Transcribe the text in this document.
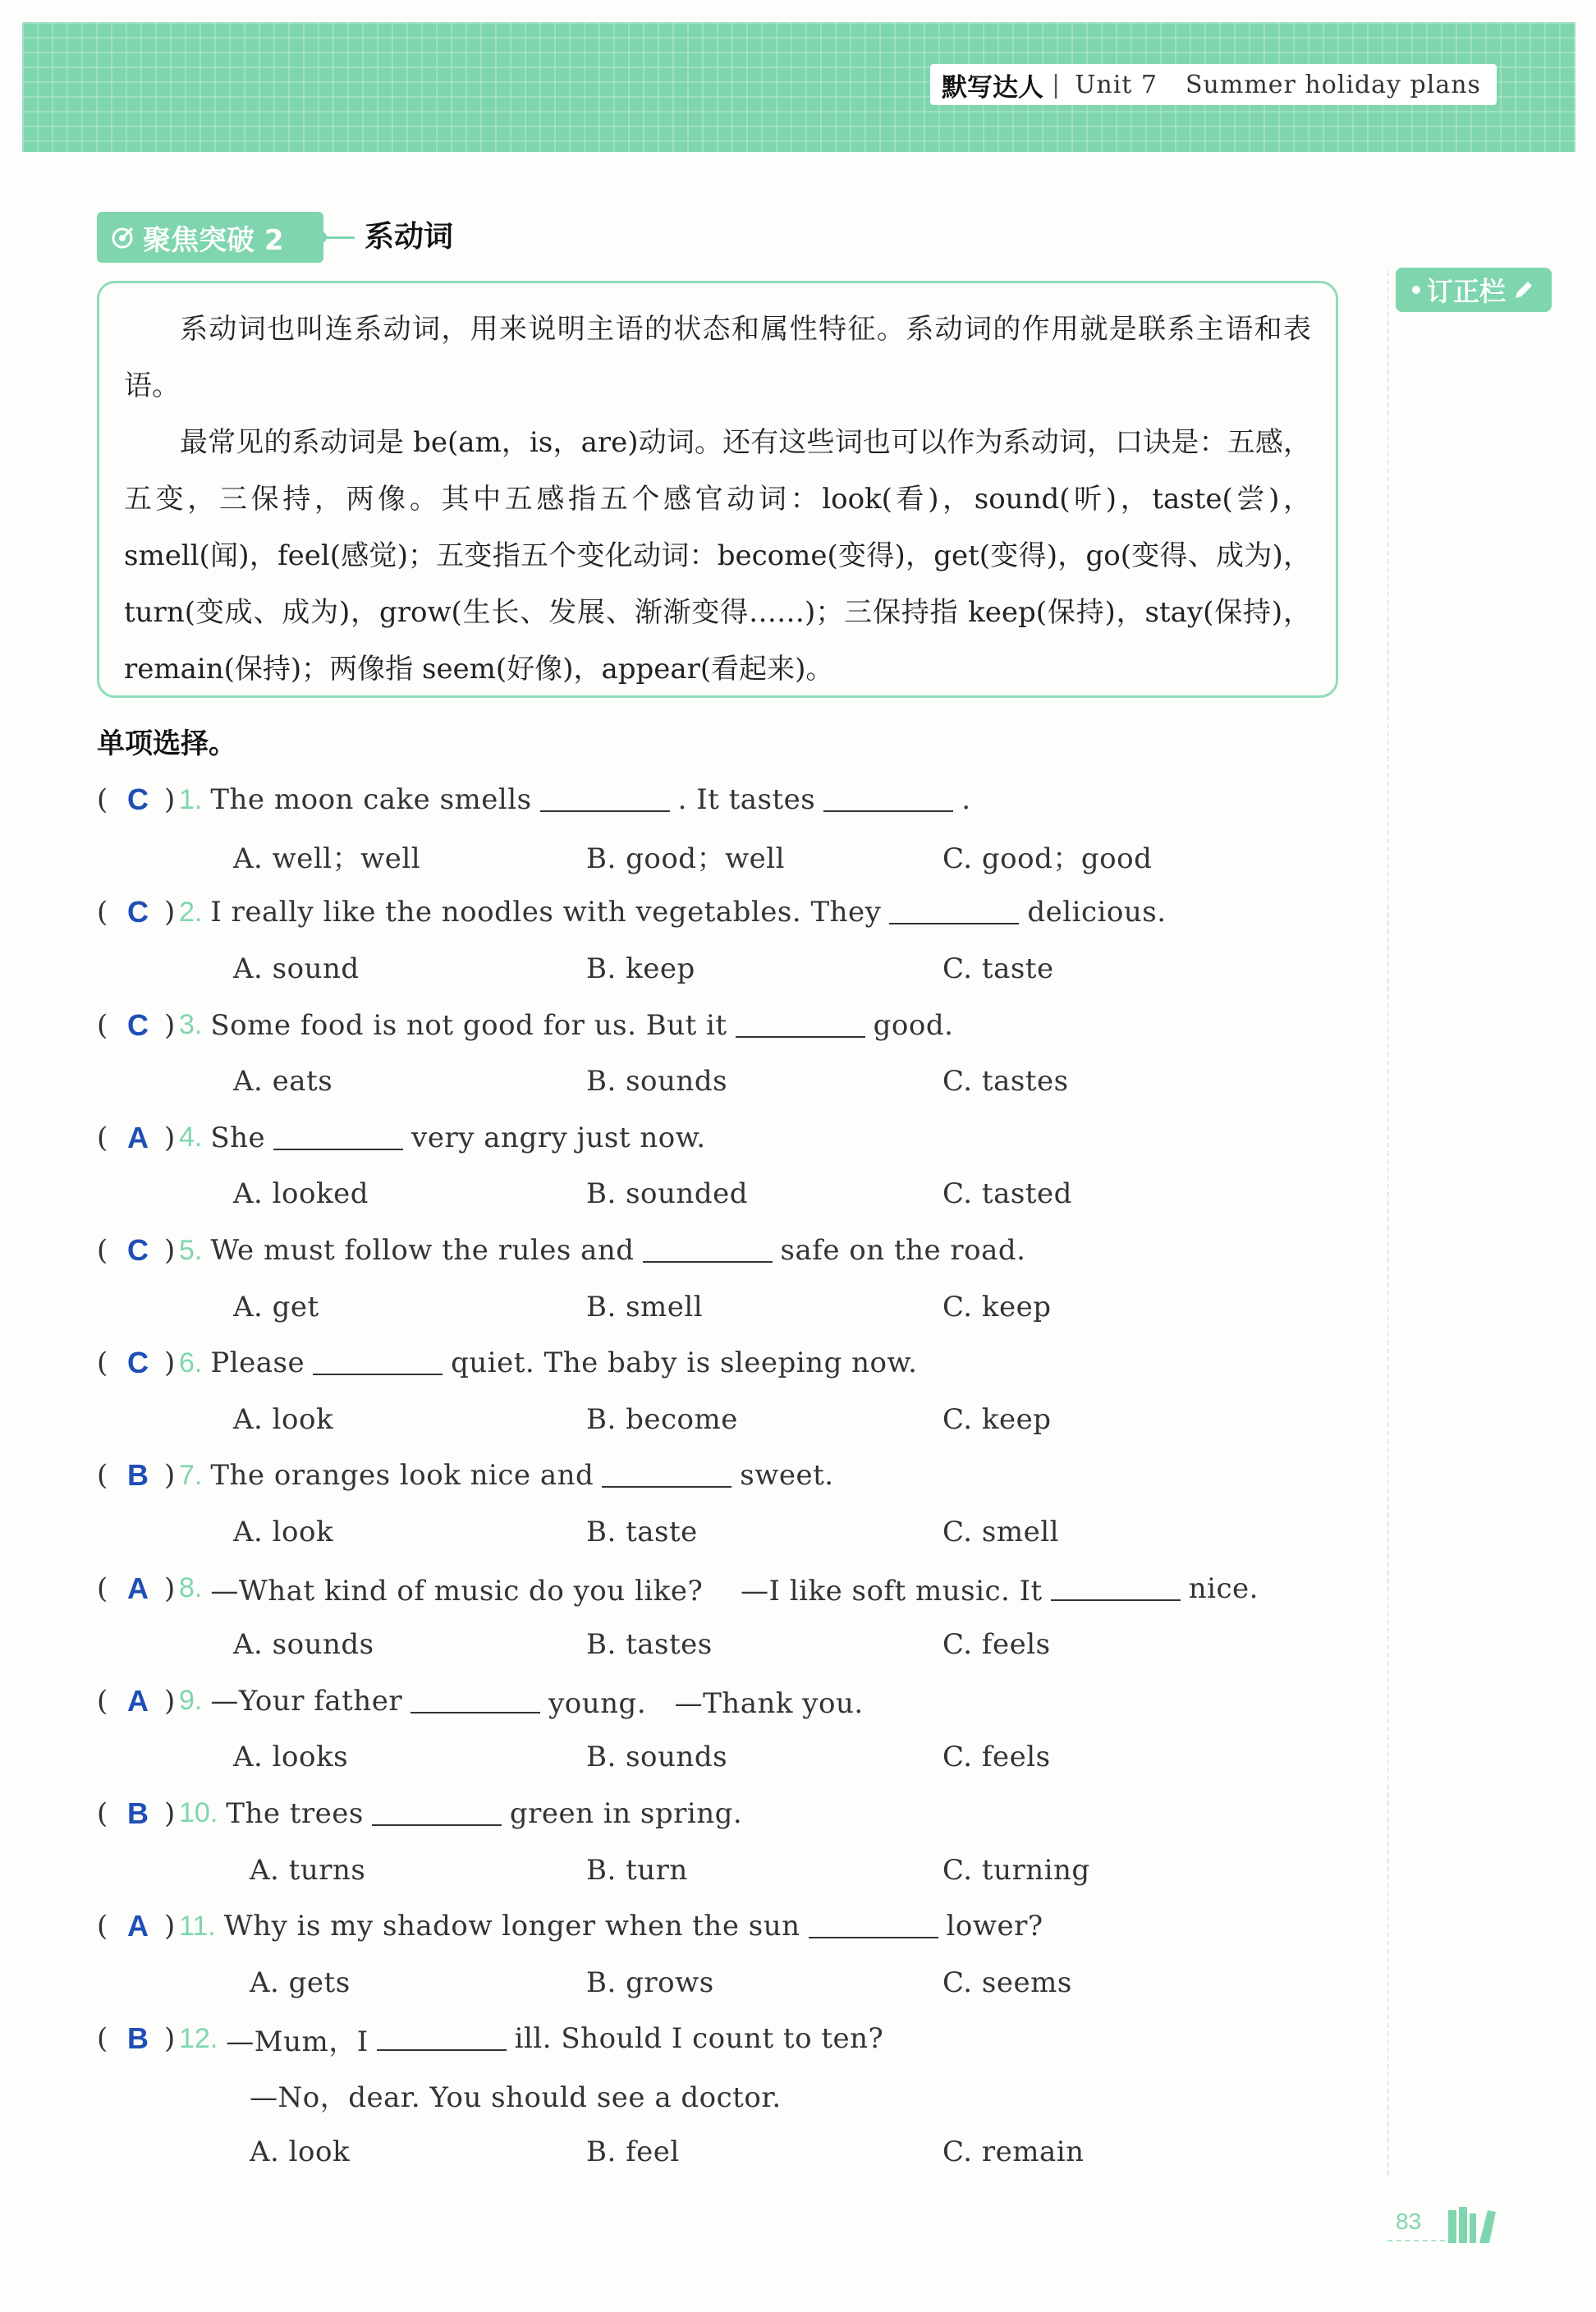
默写达人 | Unit 7 Summer holiday plans
订正栏
聚焦突破 2	系动词

系动词也叫连系动词，用来说明主语的状态和属性特征。系动词的作用就是联系主语和表语。

最常见的系动词是 be(am，is，are)动词。还有这些词也可以作为系动词，口诀是：五感，五变，三保持，两像。其中五感指五个感官动词：look(看)，sound(听)，taste(尝)，smell(闻)，feel(感觉)；五变指五个变化动词：become(变得)，get(变得)，go(变得、成为)，turn(变成、成为)，grow(生长、发展、渐渐变得……)；三保持指 keep(保持)，stay(保持)，remain(保持)；两像指 seem(好像)，appear(看起来)。

单项选择。
( C ) 1. The moon cake smells	. It tastes	.
A. well；well	B. good；well	C. good；good
( C ) 2. I really like the noodles with vegetables. They	delicious.
A. sound	B. keep	C. taste
( C ) 3. Some food is not good for us. But it	good.
A. eats	B. sounds	C. tastes
( A ) 4. She	very angry just now.
A. looked	B. sounded	C. tasted
( C ) 5. We must follow the rules and	safe on the road.
A. get	B. smell	C. keep
( C ) 6. Please	quiet. The baby is sleeping now.
A. look	B. become	C. keep
( B ) 7. The oranges look nice and	sweet.
A. look	B. taste	C. smell
( A ) 8. —What kind of music do you like?　 —I like soft music. It	nice.
A. sounds	B. tastes	C. feels
( A ) 9. —Your father	young.　—Thank you.
A. looks	B. sounds	C. feels
( B ) 10. The trees	green in spring.
A. turns	B. turn	C. turning
( A ) 11. Why is my shadow longer when the sun	lower?
A. gets	B. grows	C. seems
( B ) 12. —Mum，I	ill. Should I count to ten?
—No，dear. You should see a doctor.
A. look	B. feel	C. remain
83
